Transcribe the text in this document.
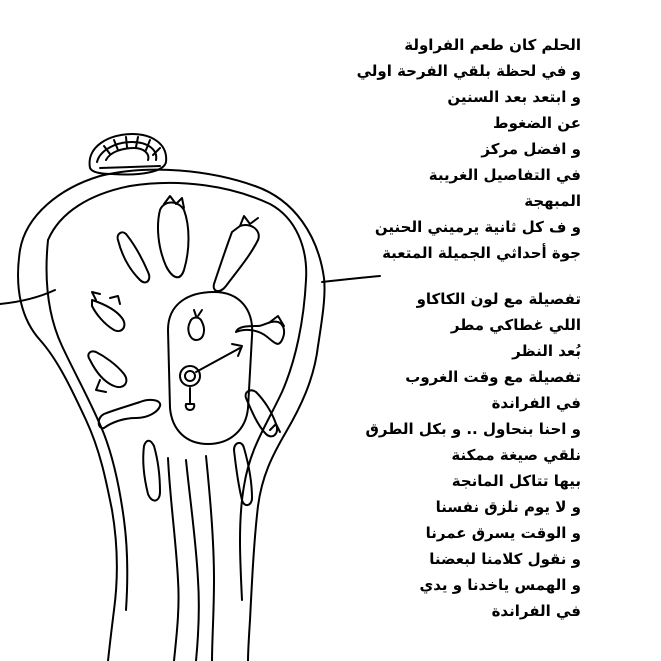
الحلم كان طعم الفراولة
و في لحظة بلقي الفرحة اولي
و ابتعد بعد السنين
عن الضغوط
و افضل مركز
في التفاصيل الغريبة
المبهجة
و ف كل ثانية يرميني الحنين
جوة أحداثي الجميلة المتعبة
تفصيلة مع لون الكاكاو
اللي غطاكي مطر
بُعد النظر
تفصيلة مع وقت الغروب
في الفراندة
و احنا بنحاول .. و بكل الطرق
نلقي صيغة ممكنة
بيها تتاكل المانجة
و لا يوم نلزق نفسنا
و الوقت يسرق عمرنا
و نقول كلامنا لبعضنا
و الهمس ياخدنا و يدي
في الفراندة
